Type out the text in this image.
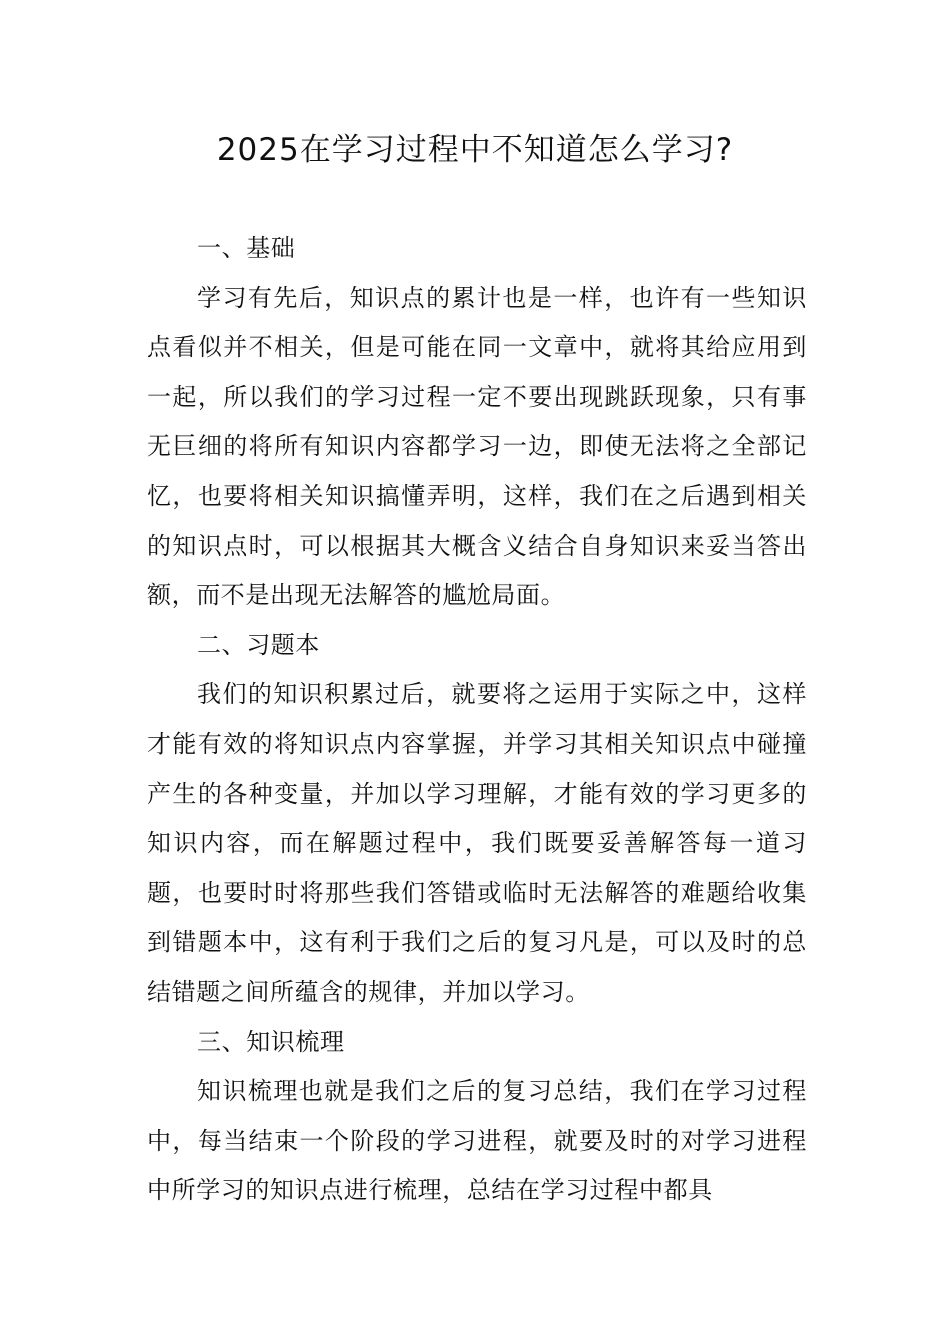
2025在学习过程中不知道怎么学习?

一、基础

学习有先后，知识点的累计也是一样，也许有一些知识点看似并不相关，但是可能在同一文章中，就将其给应用到一起，所以我们的学习过程一定不要出现跳跃现象，只有事无巨细的将所有知识内容都学习一边，即使无法将之全部记忆，也要将相关知识搞懂弄明，这样，我们在之后遇到相关的知识点时，可以根据其大概含义结合自身知识来妥当答出额，而不是出现无法解答的尴尬局面。

二、习题本

我们的知识积累过后，就要将之运用于实际之中，这样才能有效的将知识点内容掌握，并学习其相关知识点中碰撞产生的各种变量，并加以学习理解，才能有效的学习更多的知识内容，而在解题过程中，我们既要妥善解答每一道习题，也要时时将那些我们答错或临时无法解答的难题给收集到错题本中，这有利于我们之后的复习凡是，可以及时的总结错题之间所蕴含的规律，并加以学习。

三、知识梳理

知识梳理也就是我们之后的复习总结，我们在学习过程中，每当结束一个阶段的学习进程，就要及时的对学习进程中所学习的知识点进行梳理，总结在学习过程中都具
